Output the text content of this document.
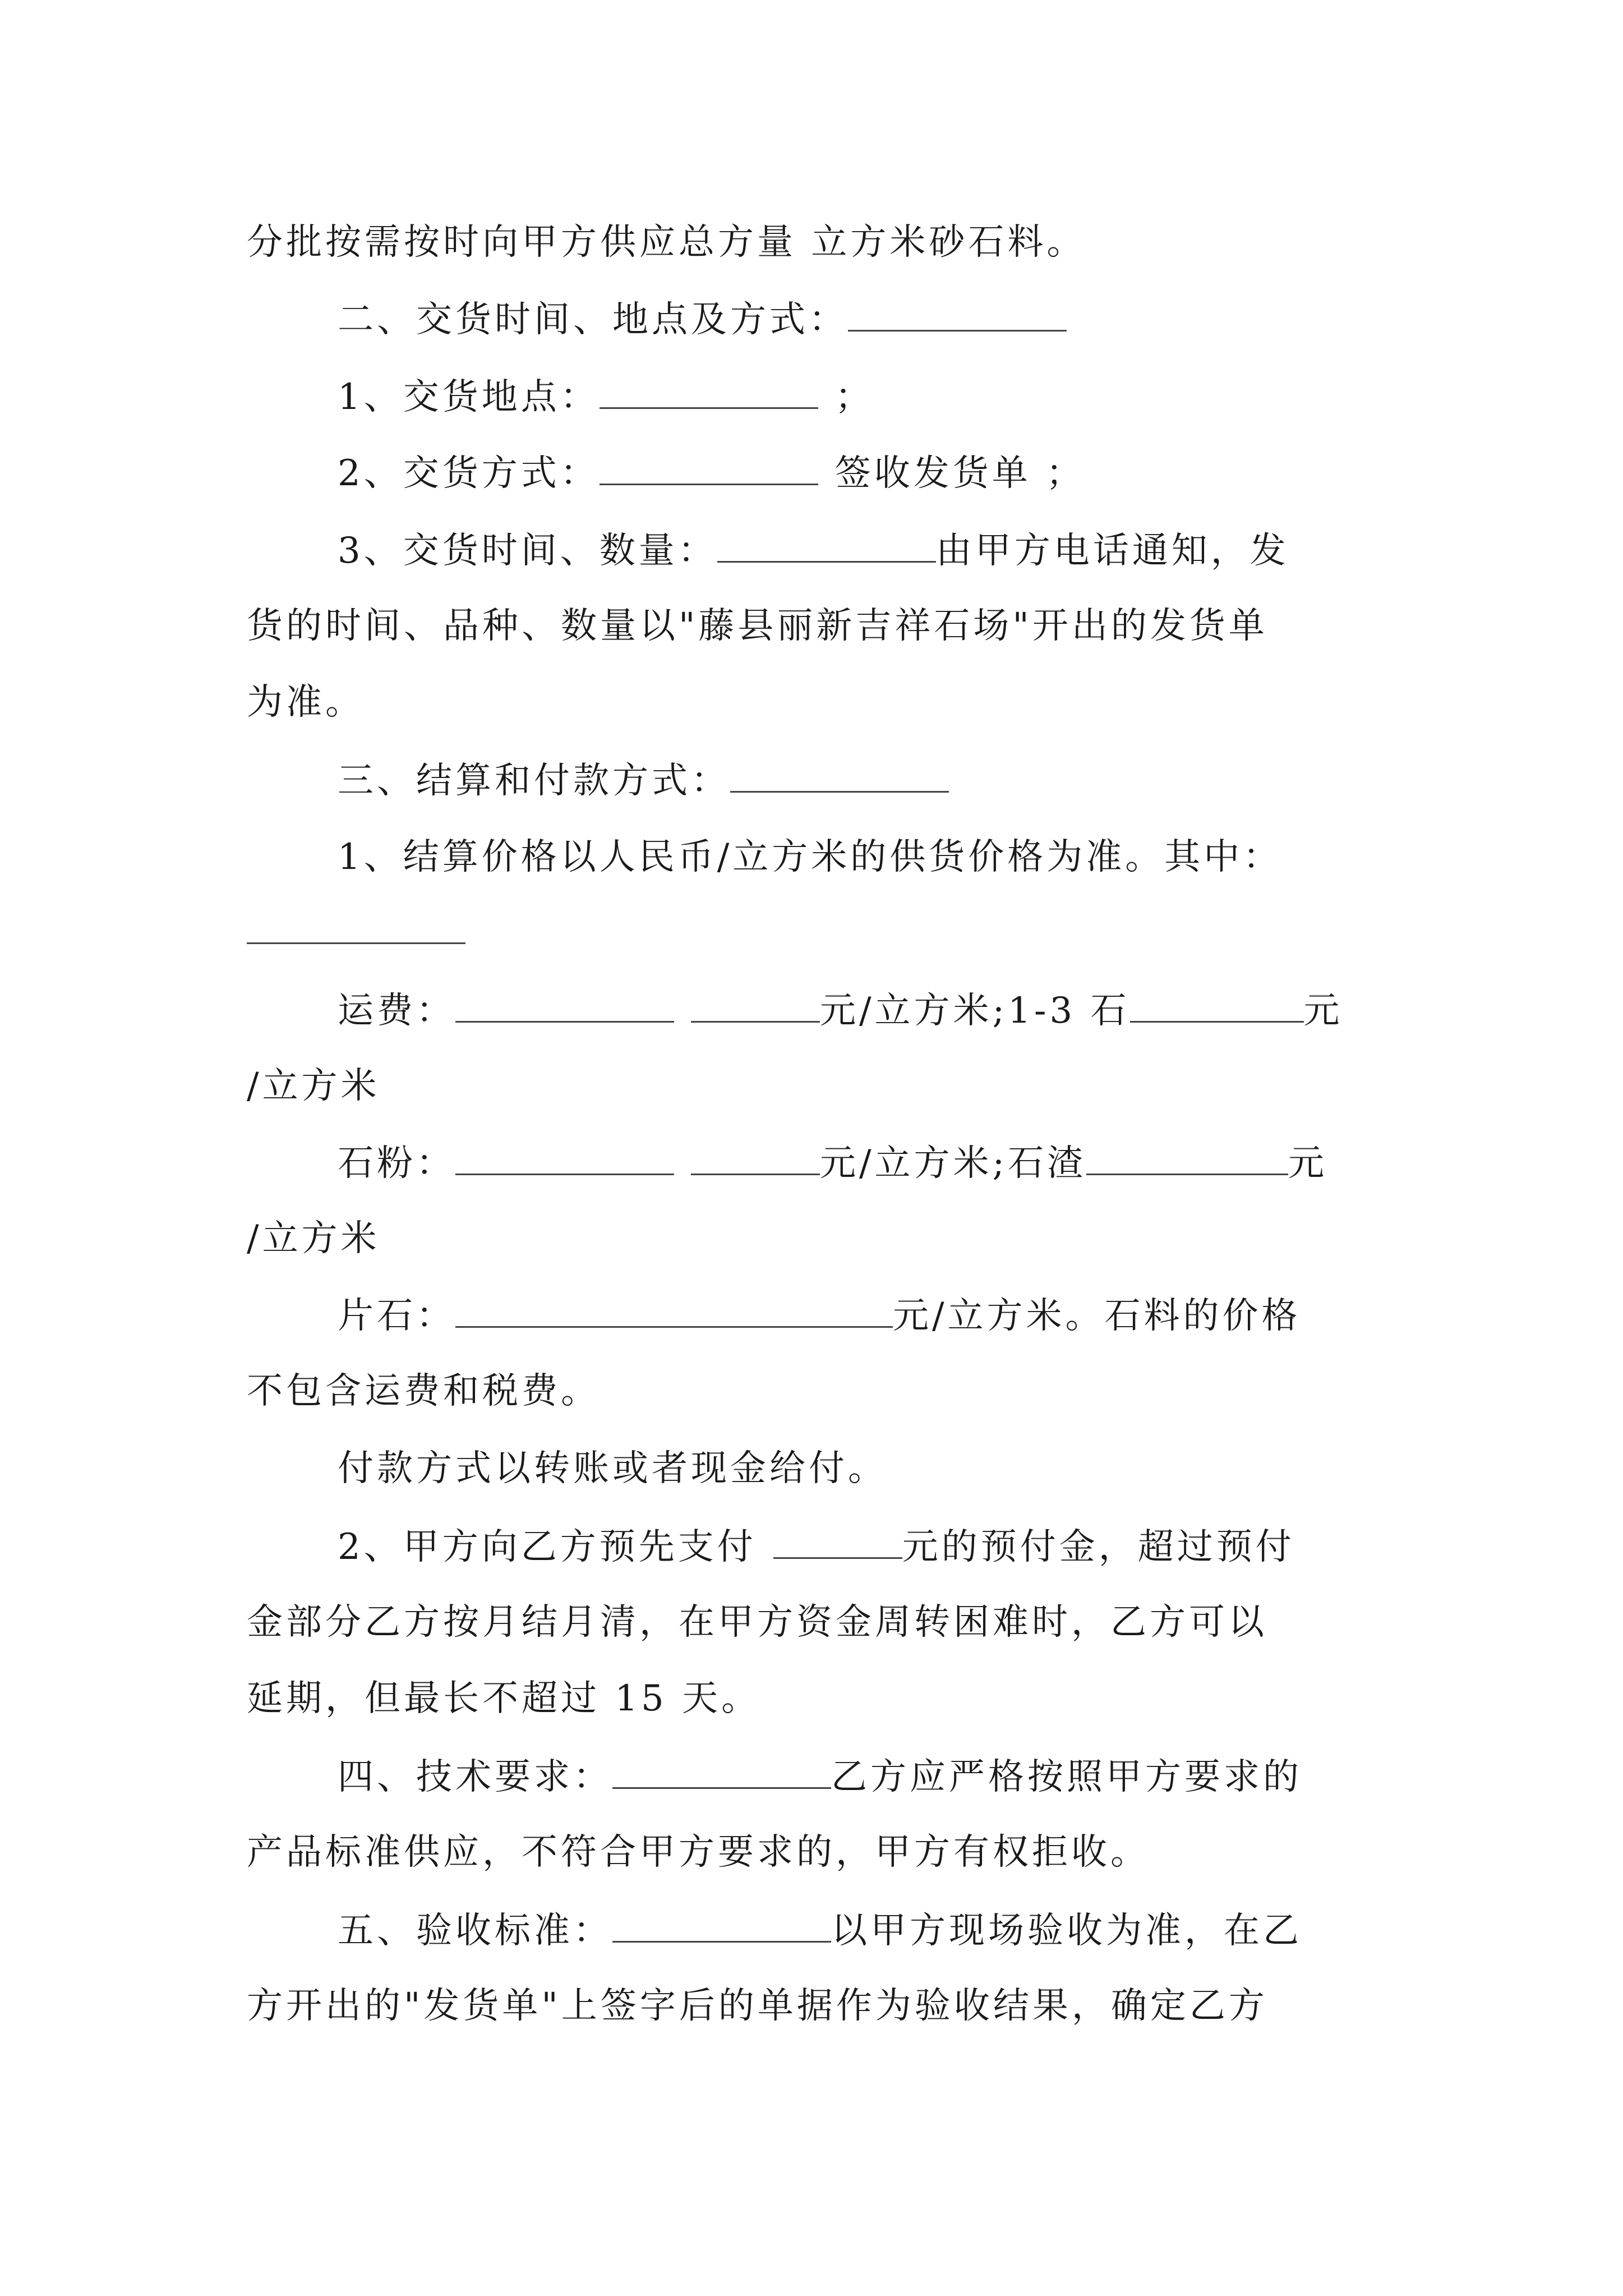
分批按需按时向甲方供应总方量 立方米砂石料。
二、交货时间、地点及方式：
1、交货地点：	；
2、交货方式：	签收发货单 ；
3、交货时间、数量：	由甲方电话通知，发
货的时间、品种、数量以"藤县丽新吉祥石场"开出的发货单
为准。
三、结算和付款方式：
1、结算价格以人民币/立方米的供货价格为准。其中：
运费：	元/立方米;1-3 石	元
/立方米
石粉：	元/立方米;石渣	元
/立方米
片石：	元/立方米。石料的价格
不包含运费和税费。
付款方式以转账或者现金给付。
2、甲方向乙方预先支付	元的预付金，超过预付
金部分乙方按月结月清，在甲方资金周转困难时，乙方可以
延期，但最长不超过 15 天。
四、技术要求：	乙方应严格按照甲方要求的
产品标准供应，不符合甲方要求的，甲方有权拒收。
五、验收标准：	以甲方现场验收为准，在乙
方开出的"发货单"上签字后的单据作为验收结果，确定乙方
